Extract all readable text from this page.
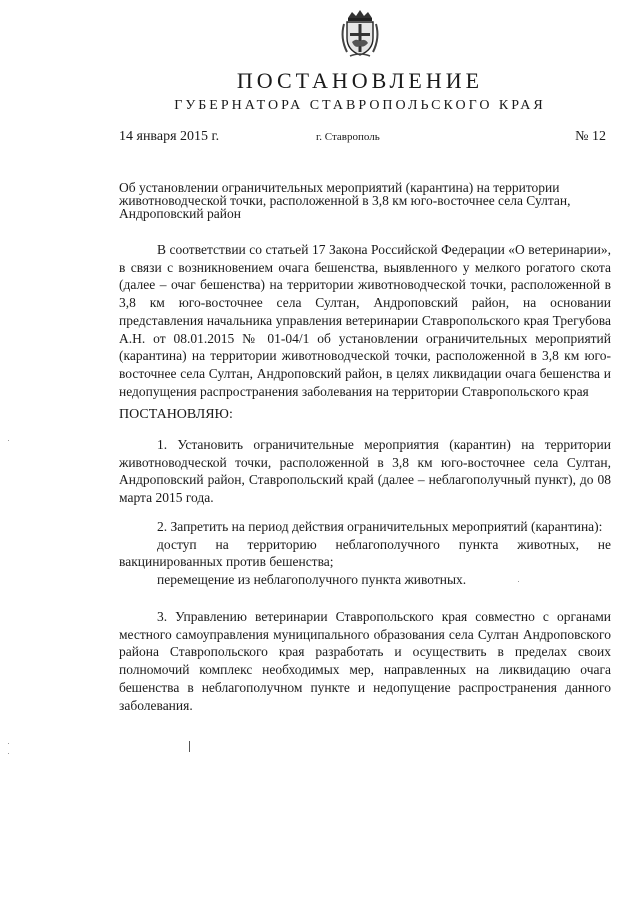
ПОСТАНОВЛЕНИЕ
ГУБЕРНАТОРА СТАВРОПОЛЬСКОГО КРАЯ
14 января 2015 г.	г. Ставрополь	№ 12

Об установлении ограничительных мероприятий (карантина) на территории животноводческой точки, расположенной в 3,8 км юго-восточнее села Султан, Андроповский район

В соответствии со статьей 17 Закона Российской Федерации «О ветеринарии», в связи с возникновением очага бешенства, выявленного у мелкого рогатого скота (далее – очаг бешенства) на территории животноводческой точки, расположенной в 3,8 км юго-восточнее села Султан, Андроповский район, на основании представления начальника управления ветеринарии Ставропольского края Трегубова А.Н. от 08.01.2015 № 01-04/1 об установлении ограничительных мероприятий (карантина) на территории животноводческой точки, расположенной в 3,8 км юго-восточнее села Султан, Андроповский район, в целях ликвидации очага бешенства и недопущения распространения заболевания на территории Ставропольского края

ПОСТАНОВЛЯЮ:

1. Установить ограничительные мероприятия (карантин) на территории животноводческой точки, расположенной в 3,8 км юго-восточнее села Султан, Андроповский район, Ставропольский край (далее – неблагополучный пункт), до 08 марта 2015 года.

2. Запретить на период действия ограничительных мероприятий (карантина):

доступ на территорию неблагополучного пункта животных, не вакцинированных против бешенства;

перемещение из неблагополучного пункта животных.

3. Управлению ветеринарии Ставропольского края совместно с органами местного самоуправления муниципального образования села Султан Андроповского района Ставропольского края разработать и осуществить в пределах своих полномочий комплекс необходимых мер, направленных на ликвидацию очага бешенства в неблагополучном пункте и недопущение распространения данного заболевания.
